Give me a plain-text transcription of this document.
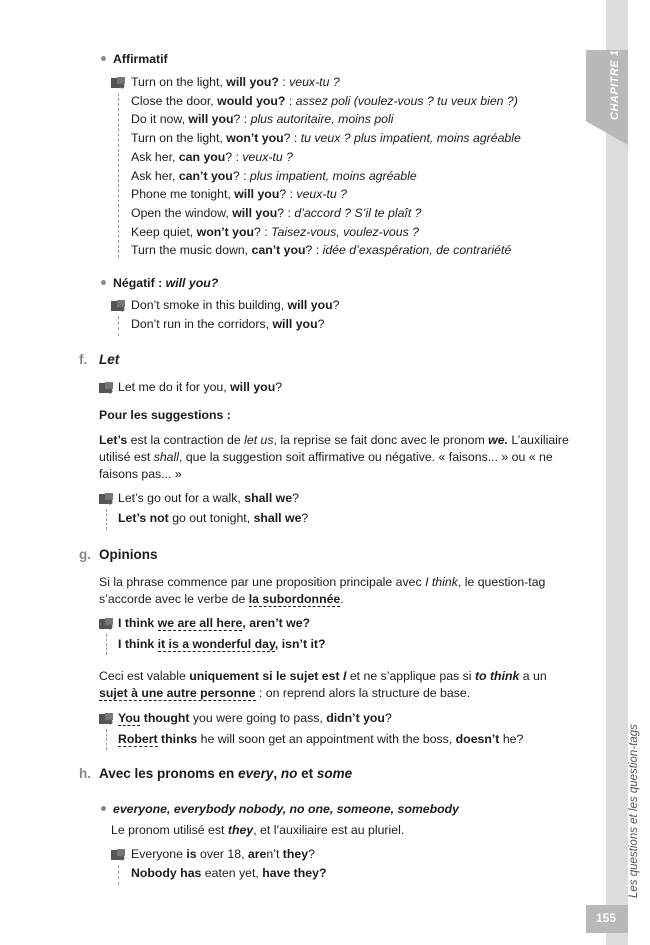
CHAPITRE 1
Les questions et les question-tags
155
Affirmatif
Turn on the light, will you? : veux-tu ?
Close the door, would you? : assez poli (voulez-vous ? tu veux bien ?)
Do it now, will you? : plus autoritaire, moins poli
Turn on the light, won’t you? : tu veux ? plus impatient, moins agréable
Ask her, can you? : veux-tu ?
Ask her, can’t you? : plus impatient, moins agréable
Phone me tonight, will you? : veux-tu ?
Open the window, will you? : d’accord ? S’il te plaît ?
Keep quiet, won’t you? : Taisez-vous, voulez-vous ?
Turn the music down, can’t you? : idée d’exaspération, de contrariété
Négatif : will you?
Don’t smoke in this building, will you?
Don’t run in the corridors, will you?
f. Let
Let me do it for you, will you?
Pour les suggestions :
Let’s est la contraction de let us, la reprise se fait donc avec le pronom we. L’auxiliaire
utilisé est shall, que la suggestion soit affirmative ou négative. « faisons... » ou « ne
faisons pas... »
Let’s go out for a walk, shall we?
Let’s not go out tonight, shall we?
g. Opinions
Si la phrase commence par une proposition principale avec I think, le question-tag
s’accorde avec le verbe de la subordonnée.
I think we are all here, aren’t we?
I think it is a wonderful day, isn’t it?
Ceci est valable uniquement si le sujet est I et ne s’applique pas si to think a un
sujet à une autre personne : on reprend alors la structure de base.
You thought you were going to pass, didn’t you?
Robert thinks he will soon get an appointment with the boss, doesn’t he?
h. Avec les pronoms en every, no et some
everyone, everybody nobody, no one, someone, somebody
Le pronom utilisé est they, et l’auxiliaire est au pluriel.
Everyone is over 18, aren’t they?
Nobody has eaten yet, have they?
